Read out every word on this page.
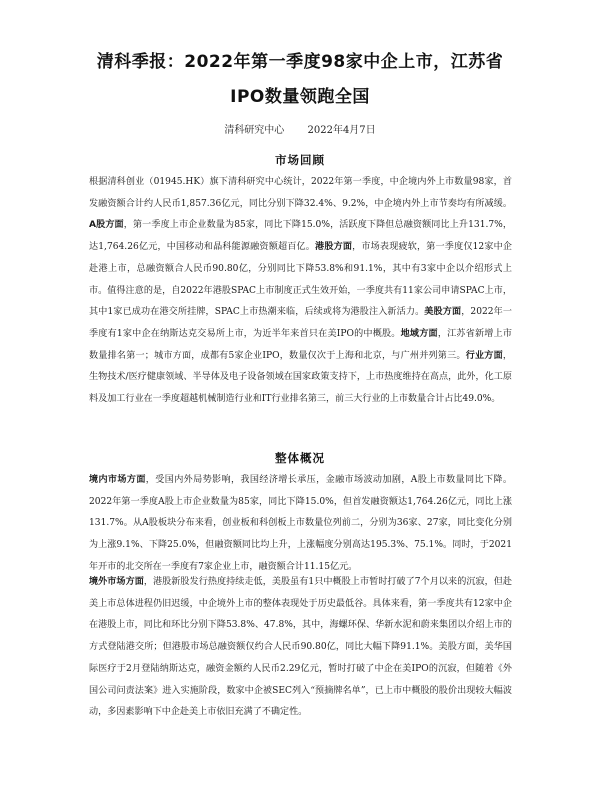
清科季报：2022年第一季度98家中企上市，江苏省
IPO数量领跑全国
清科研究中心 2022年4月7日
市场回顾
根据清科创业（01945.HK）旗下清科研究中心统计，2022年第一季度，中企境内外上市数量98家，首发融资额合计约人民币1,857.36亿元，同比分别下降32.4%、9.2%，中企境内外上市节奏均有所减缓。A股方面，第一季度上市企业数量为85家，同比下降15.0%，活跃度下降但总融资额同比上升131.7%，达1,764.26亿元，中国移动和晶科能源融资额超百亿。港股方面，市场表现疲软，第一季度仅12家中企赴港上市，总融资额合人民币90.80亿，分别同比下降53.8%和91.1%，其中有3家中企以介绍形式上市。值得注意的是，自2022年港股SPAC上市制度正式生效开始，一季度共有11家公司申请SPAC上市，其中1家已成功在港交所挂牌，SPAC上市热潮来临，后续或将为港股注入新活力。美股方面，2022年一季度有1家中企在纳斯达克交易所上市，为近半年来首只在美IPO的中概股。地域方面，江苏省新增上市数量排名第一；城市方面，成都有5家企业IPO，数量仅次于上海和北京，与广州并列第三。行业方面，生物技术/医疗健康领域、半导体及电子设备领域在国家政策支持下，上市热度维持在高点，此外，化工原料及加工行业在一季度超越机械制造行业和IT行业排名第三，前三大行业的上市数量合计占比49.0%。
整体概况
境内市场方面，受国内外局势影响，我国经济增长承压，金融市场波动加剧，A股上市数量同比下降。2022年第一季度A股上市企业数量为85家，同比下降15.0%，但首发融资额达1,764.26亿元，同比上涨131.7%。从A股板块分布来看，创业板和科创板上市数量位列前二，分别为36家、27家，同比变化分别为上涨9.1%、下降25.0%，但融资额同比均上升，上涨幅度分别高达195.3%、75.1%。同时，于2021年开市的北交所在一季度有7家企业上市，融资额合计11.15亿元。
境外市场方面，港股新股发行热度持续走低，美股虽有1只中概股上市暂时打破了7个月以来的沉寂，但赴美上市总体进程仍旧迟缓，中企境外上市的整体表现处于历史最低谷。具体来看，第一季度共有12家中企在港股上市，同比和环比分别下降53.8%、47.8%，其中，海螺环保、华新水泥和蔚来集团以介绍上市的方式登陆港交所；但港股市场总融资额仅约合人民币90.80亿，同比大幅下降91.1%。美股方面，美华国际医疗于2月登陆纳斯达克，融资金额约人民币2.29亿元，暂时打破了中企在美IPO的沉寂，但随着《外国公司问责法案》进入实施阶段，数家中企被SEC列入“预摘牌名单”，已上市中概股的股价出现较大幅波动，多因素影响下中企赴美上市依旧充满了不确定性。
